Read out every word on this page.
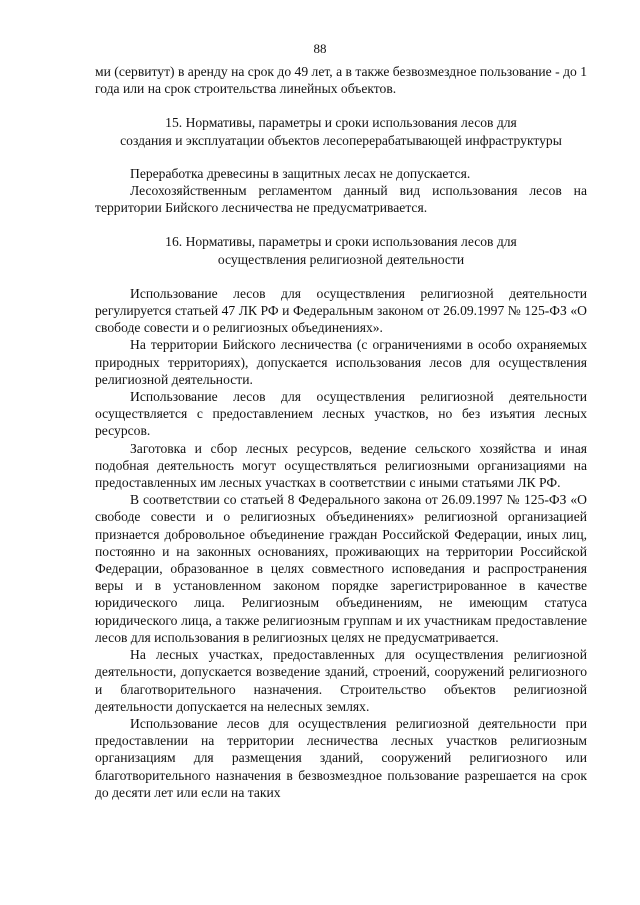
88

ми (сервитут) в аренду на срок до 49 лет, а в также безвозмездное пользование - до 1 года или на срок строительства линейных объектов.

15. Нормативы, параметры и сроки использования лесов для
создания и эксплуатации объектов лесоперерабатывающей инфраструктуры

Переработка древесины в защитных лесах не допускается.

Лесохозяйственным регламентом данный вид использования лесов на территории Бийского лесничества не предусматривается.

16. Нормативы, параметры и сроки использования лесов для
осуществления религиозной деятельности

Использование лесов для осуществления религиозной деятельности регулируется статьей 47 ЛК РФ и Федеральным законом от 26.09.1997 № 125-ФЗ «О свободе совести и о религиозных объединениях».

На территории Бийского лесничества (с ограничениями в особо охраняемых природных территориях), допускается использования лесов для осуществления религиозной деятельности.

Использование лесов для осуществления религиозной деятельности осуществляется с предоставлением лесных участков, но без изъятия лесных ресурсов.

Заготовка и сбор лесных ресурсов, ведение сельского хозяйства и иная подобная деятельность могут осуществляться религиозными организациями на предоставленных им лесных участках в соответствии с иными статьями ЛК РФ.

В соответствии со статьей 8 Федерального закона от 26.09.1997 № 125-ФЗ «О свободе совести и о религиозных объединениях» религиозной организацией признается добровольное объединение граждан Российской Федерации, иных лиц, постоянно и на законных основаниях, проживающих на территории Российской Федерации, образованное в целях совместного исповедания и распространения веры и в установленном законом порядке зарегистрированное в качестве юридического лица. Религиозным объединениям, не имеющим статуса юридического лица, а также религиозным группам и их участникам предоставление лесов для использования в религиозных целях не предусматривается.

На лесных участках, предоставленных для осуществления религиозной деятельности, допускается возведение зданий, строений, сооружений религиозного и благотворительного назначения. Строительство объектов религиозной деятельности допускается на нелесных землях.

Использование лесов для осуществления религиозной деятельности при предоставлении на территории лесничества лесных участков религиозным организациям для размещения зданий, сооружений религиозного или благотворительного назначения в безвозмездное пользование разрешается на срок до десяти лет или если на таких
